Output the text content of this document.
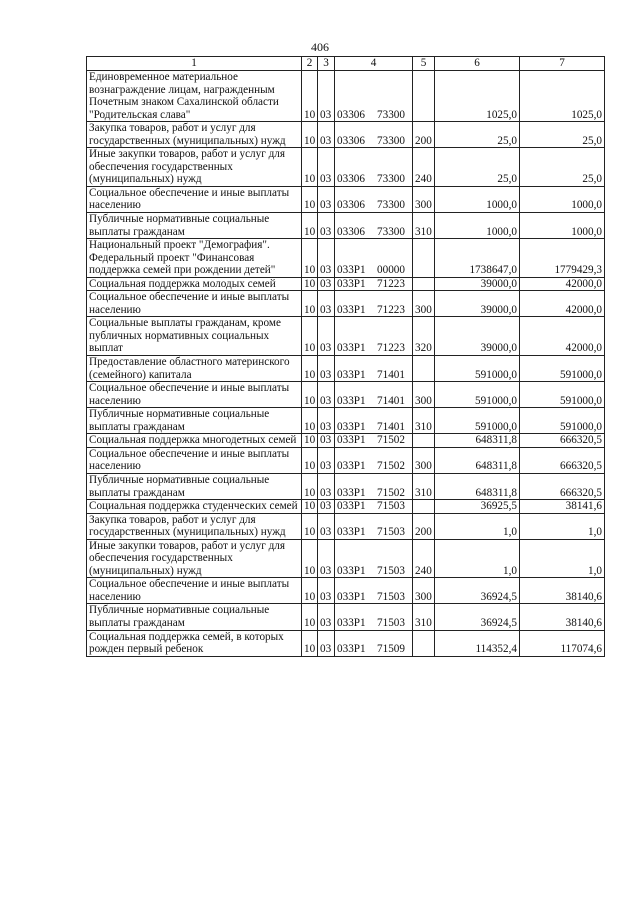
406
1	2	3	4	5	6	7
Единовременное материальное вознаграждение лицам, награжденным Почетным знаком Сахалинской области "Родительская слава"	10	03	03306 73300		1025,0	1025,0
Закупка товаров, работ и услуг для государственных (муниципальных) нужд	10	03	03306 73300	200	25,0	25,0
Иные закупки товаров, работ и услуг для обеспечения государственных (муниципальных) нужд	10	03	03306 73300	240	25,0	25,0
Социальное обеспечение и иные выплаты населению	10	03	03306 73300	300	1000,0	1000,0
Публичные нормативные социальные выплаты гражданам	10	03	03306 73300	310	1000,0	1000,0
Национальный проект "Демография". Федеральный проект "Финансовая поддержка семей при рождении детей"	10	03	033Р1 00000		1738647,0	1779429,3
Социальная поддержка молодых семей	10	03	033Р1 71223		39000,0	42000,0
Социальное обеспечение и иные выплаты населению	10	03	033Р1 71223	300	39000,0	42000,0
Социальные выплаты гражданам, кроме публичных нормативных социальных выплат	10	03	033Р1 71223	320	39000,0	42000,0
Предоставление областного материнского (семейного) капитала	10	03	033Р1 71401		591000,0	591000,0
Социальное обеспечение и иные выплаты населению	10	03	033Р1 71401	300	591000,0	591000,0
Публичные нормативные социальные выплаты гражданам	10	03	033Р1 71401	310	591000,0	591000,0
Социальная поддержка многодетных семей	10	03	033Р1 71502		648311,8	666320,5
Социальное обеспечение и иные выплаты населению	10	03	033Р1 71502	300	648311,8	666320,5
Публичные нормативные социальные выплаты гражданам	10	03	033Р1 71502	310	648311,8	666320,5
Социальная поддержка студенческих семей	10	03	033Р1 71503		36925,5	38141,6
Закупка товаров, работ и услуг для государственных (муниципальных) нужд	10	03	033Р1 71503	200	1,0	1,0
Иные закупки товаров, работ и услуг для обеспечения государственных (муниципальных) нужд	10	03	033Р1 71503	240	1,0	1,0
Социальное обеспечение и иные выплаты населению	10	03	033Р1 71503	300	36924,5	38140,6
Публичные нормативные социальные выплаты гражданам	10	03	033Р1 71503	310	36924,5	38140,6
Социальная поддержка семей, в которых рожден первый ребенок	10	03	033Р1 71509		114352,4	117074,6
